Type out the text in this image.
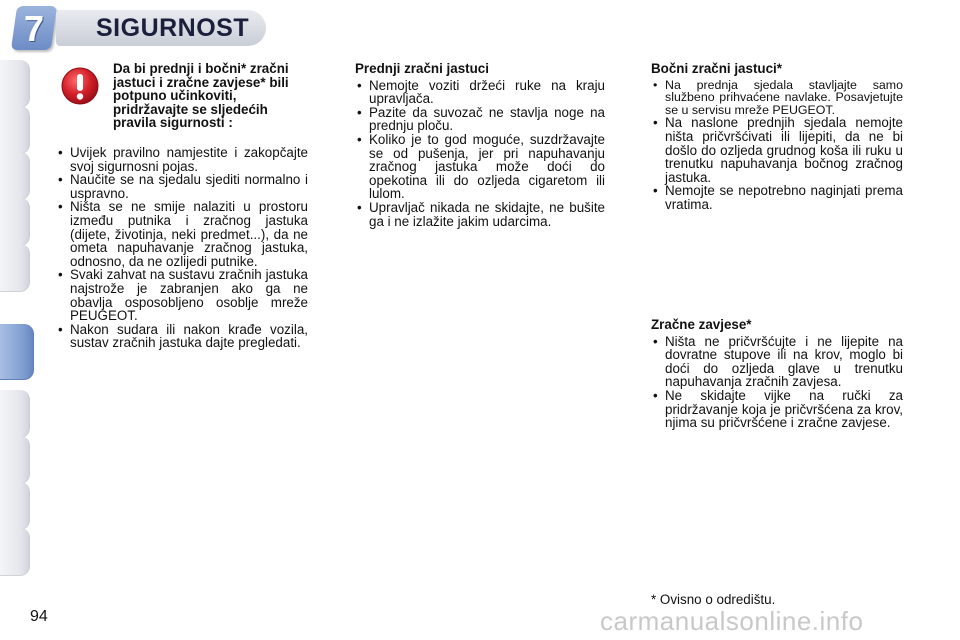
7 SIGURNOST
Da bi prednji i bočni* zračni jastuci i zračne zavjese* bili potpuno učinkoviti, pridržavajte se sljedećih pravila sigurnosti :
• Uvijek pravilno namjestite i zakopčajte svoj sigurnosni pojas.
• Naučite se na sjedalu sjediti normalno i uspravno.
• Ništa se ne smije nalaziti u prostoru između putnika i zračnog jastuka (dijete, životinja, neki predmet...), da ne ometa napuhavanje zračnog jastuka, odnosno, da ne ozlijedi putnike.
• Svaki zahvat na sustavu zračnih jastuka najstrože je zabranjen ako ga ne obavlja osposobljeno osoblje mreže PEUGEOT.
• Nakon sudara ili nakon krađe vozila, sustav zračnih jastuka dajte pregledati.
Prednji zračni jastuci
• Nemojte voziti držeći ruke na kraju upravljača.
• Pazite da suvozač ne stavlja noge na prednju ploču.
• Koliko je to god moguće, suzdržavajte se od pušenja, jer pri napuhavanju zračnog jastuka može doći do opekotina ili do ozljeda cigaretom ili lulom.
• Upravljač nikada ne skidajte, ne bušite ga i ne izlažite jakim udarcima.
Bočni zračni jastuci*
• Na prednja sjedala stavljajte samo službeno prihvaćene navlake. Posavjetujte se u servisu mreže PEUGEOT.
• Na naslone prednjih sjedala nemojte ništa pričvršćivati ili lijepiti, da ne bi došlo do ozljeda grudnog koša ili ruku u trenutku napuhavanja bočnog zračnog jastuka.
• Nemojte se nepotrebno naginjati prema vratima.
Zračne zavjese*
• Ništa ne pričvršćujte i ne lijepite na dovratne stupove ili na krov, moglo bi doći do ozljeda glave u trenutku napuhavanja zračnih zavjesa.
• Ne skidajte vijke na ručki za pridržavanje koja je pričvršćena za krov, njima su pričvršćene i zračne zavjese.
* Ovisno o odredištu.
94	carmanualsonline.info
